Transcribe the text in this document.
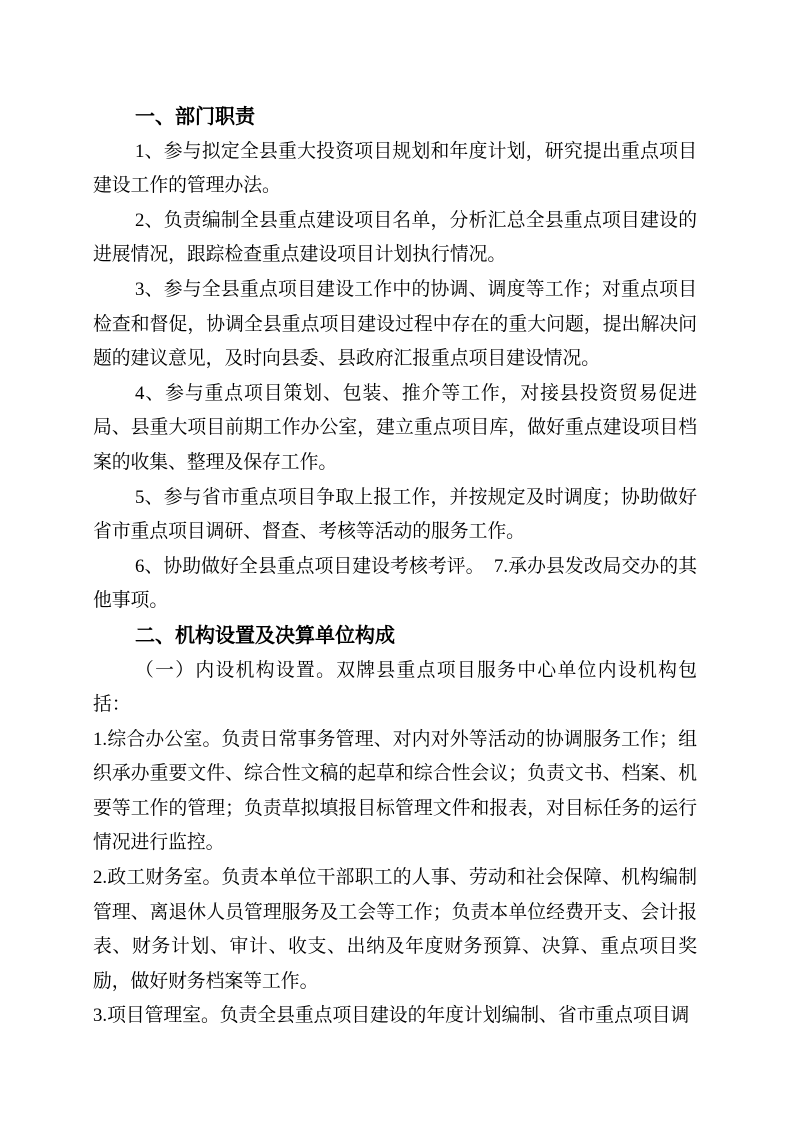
一、部门职责

1、参与拟定全县重大投资项目规划和年度计划，研究提出重点项目建设工作的管理办法。

2、负责编制全县重点建设项目名单，分析汇总全县重点项目建设的进展情况，跟踪检查重点建设项目计划执行情况。

3、参与全县重点项目建设工作中的协调、调度等工作；对重点项目检查和督促，协调全县重点项目建设过程中存在的重大问题，提出解决问题的建议意见，及时向县委、县政府汇报重点项目建设情况。

4、参与重点项目策划、包装、推介等工作，对接县投资贸易促进局、县重大项目前期工作办公室，建立重点项目库，做好重点建设项目档案的收集、整理及保存工作。

5、参与省市重点项目争取上报工作，并按规定及时调度；协助做好省市重点项目调研、督查、考核等活动的服务工作。

6、协助做好全县重点项目建设考核考评。　7.承办县发改局交办的其他事项。

二、机构设置及决算单位构成

（一）内设机构设置。双牌县重点项目服务中心单位内设机构包括：

1.综合办公室。负责日常事务管理、对内对外等活动的协调服务工作；组织承办重要文件、综合性文稿的起草和综合性会议；负责文书、档案、机要等工作的管理；负责草拟填报目标管理文件和报表，对目标任务的运行情况进行监控。

2.政工财务室。负责本单位干部职工的人事、劳动和社会保障、机构编制管理、离退休人员管理服务及工会等工作；负责本单位经费开支、会计报表、财务计划、审计、收支、出纳及年度财务预算、决算、重点项目奖励，做好财务档案等工作。

3.项目管理室。负责全县重点项目建设的年度计划编制、省市重点项目调
